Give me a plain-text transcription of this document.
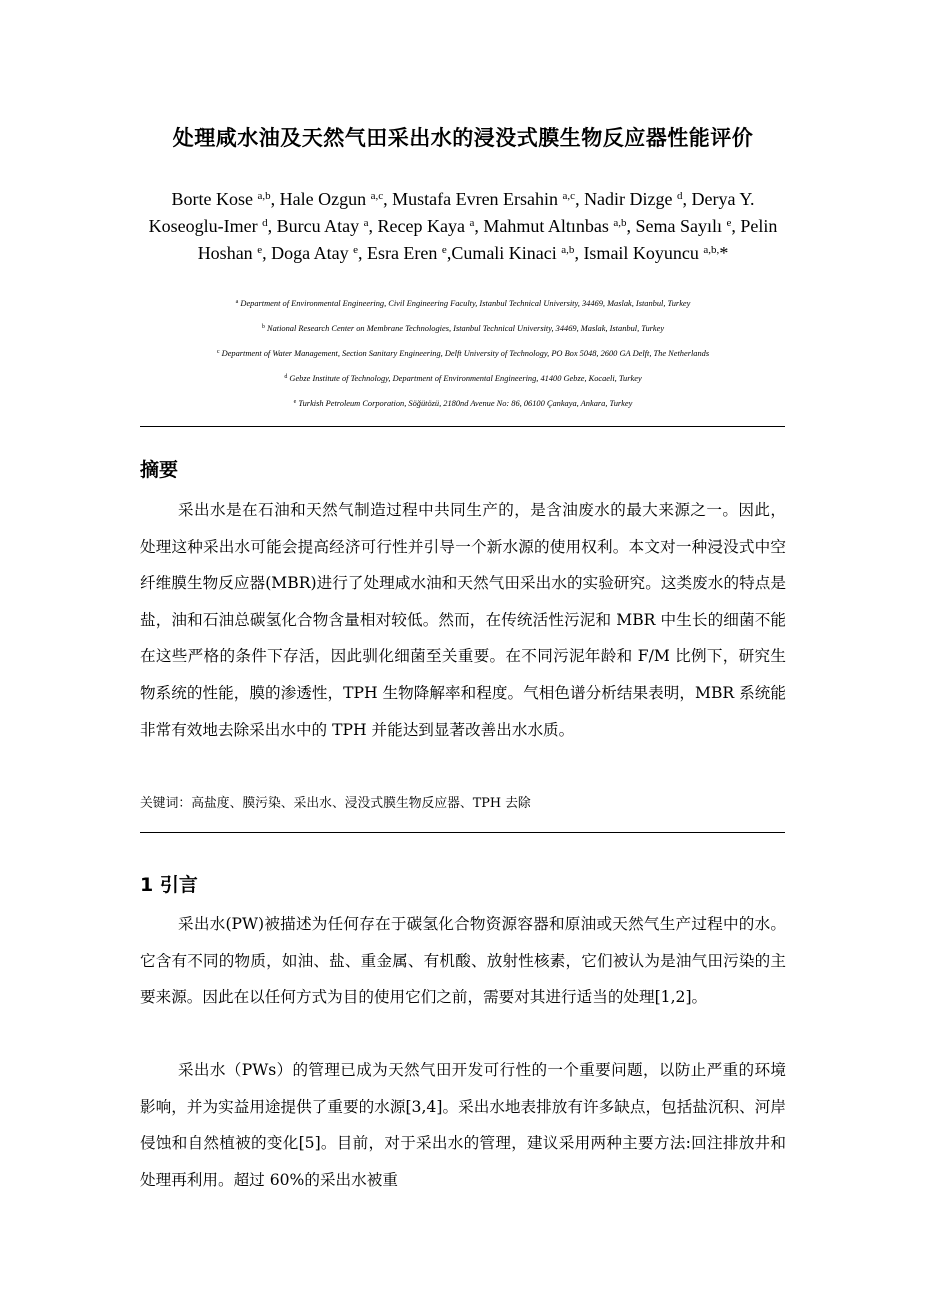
处理咸水油及天然气田采出水的浸没式膜生物反应器性能评价
Borte Kose $^{a,b}$, Hale Ozgun $^{a,c}$, Mustafa Evren Ersahin $^{a,c}$, Nadir Dizge $^d$, Derya Y. Koseoglu-Imer $^d$, Burcu Atay $^a$, Recep Kaya $^a$, Mahmut Altınbas $^{a,b}$, Sema Sayılı $^e$, Pelin Hoshan $^e$, Doga Atay $^e$, Esra Eren $^e$,Cumali Kinaci $^{a,b}$, Ismail Koyuncu $^{a,b,}$*
$^a$ Department of Environmental Engineering, Civil Engineering Faculty, Istanbul Technical University, 34469, Maslak, Istanbul, Turkey
$^b$ National Research Center on Membrane Technologies, Istanbul Technical University, 34469, Maslak, Istanbul, Turkey
$^c$ Department of Water Management, Section Sanitary Engineering, Delft University of Technology, PO Box 5048, 2600 GA Delft, The Netherlands
$^d$ Gebze Institute of Technology, Department of Environmental Engineering, 41400 Gebze, Kocaeli, Turkey
$^e$ Turkish Petroleum Corporation, Söğütözü, 2180nd Avenue No: 86, 06100 Çankaya, Ankara, Turkey
摘要

采出水是在石油和天然气制造过程中共同生产的，是含油废水的最大来源之一。因此，处理这种采出水可能会提高经济可行性并引导一个新水源的使用权利。本文对一种浸没式中空纤维膜生物反应器(MBR)进行了处理咸水油和天然气田采出水的实验研究。这类废水的特点是盐，油和石油总碳氢化合物含量相对较低。然而，在传统活性污泥和 MBR 中生长的细菌不能在这些严格的条件下存活，因此驯化细菌至关重要。在不同污泥年龄和 F/M 比例下，研究生物系统的性能，膜的渗透性，TPH 生物降解率和程度。气相色谱分析结果表明，MBR 系统能非常有效地去除采出水中的 TPH 并能达到显著改善出水水质。

关键词：高盐度、膜污染、采出水、浸没式膜生物反应器、TPH 去除
1 引言

采出水(PW)被描述为任何存在于碳氢化合物资源容器和原油或天然气生产过程中的水。它含有不同的物质，如油、盐、重金属、有机酸、放射性核素，它们被认为是油气田污染的主要来源。因此在以任何方式为目的使用它们之前，需要对其进行适当的处理[1,2]。

采出水（PWs）的管理已成为天然气田开发可行性的一个重要问题，以防止严重的环境影响，并为实益用途提供了重要的水源[3,4]。采出水地表排放有许多缺点，包括盐沉积、河岸侵蚀和自然植被的变化[5]。目前，对于采出水的管理，建议采用两种主要方法:回注排放井和处理再利用。超过 60%的采出水被重
